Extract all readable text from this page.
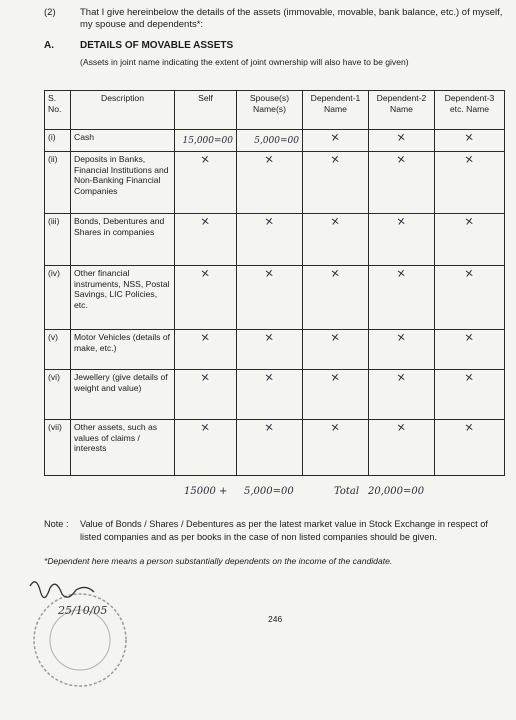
(2)	That I give hereinbelow the details of the assets (immovable, movable, bank balance, etc.) of myself, my spouse and dependents*:
A.	DETAILS OF MOVABLE ASSETS
(Assets in joint name indicating the extent of joint ownership will also have to be given)
S. No.	Description	Self	Spouse(s) Name(s)	Dependent-1 Name	Dependent-2 Name	Dependent-3 etc. Name
(i)	Cash	15,000=00	5,000=00	×	×	×
(ii)	Deposits in Banks, Financial Institutions and Non-Banking Financial Companies	×	×	×	×	×
(iii)	Bonds, Debentures and Shares in companies	×	×	×	×	×
(iv)	Other financial instruments, NSS, Postal Savings, LIC Policies, etc.	×	×	×	×	×
(v)	Motor Vehicles (details of make, etc.)	×	×	×	×	×
(vi)	Jewellery (give details of weight and value)	×	×	×	×	×
(vii)	Other assets, such as values of claims / interests	×	×	×	×	×
15000 + 5,000=00	Total 20,000=00
Note : Value of Bonds / Shares / Debentures as per the latest market value in Stock Exchange in respect of listed companies and as per books in the case of non listed companies should be given.
*Dependent here means a person substantially dependents on the income of the candidate.
25/10/05
246
